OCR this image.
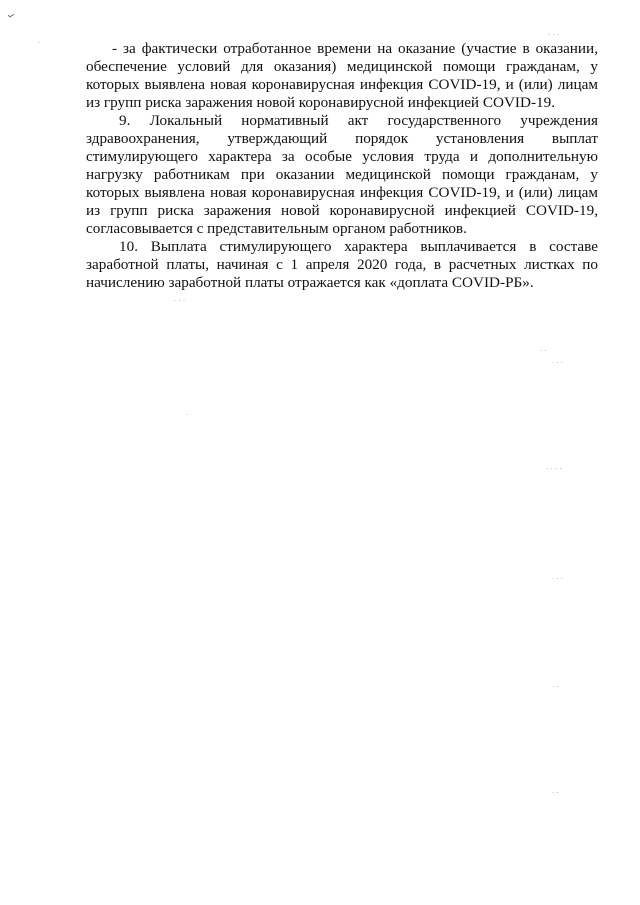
·
· · ·
. . .
· ·
· · ·
·
· · · ·
· · ·
· ·
· ·

- за фактически отработанное времени на оказание (участие в оказании, обеспечение условий для оказания) медицинской помощи гражданам, у которых выявлена новая коронавирусная инфекция COVID-19, и (или) лицам из групп риска заражения новой коронавирусной инфекцией COVID-19.

9. Локальный нормативный акт государственного учреждения здравоохранения, утверждающий порядок установления выплат стимулирующего характера за особые условия труда и дополнительную нагрузку работникам при оказании медицинской помощи гражданам, у которых выявлена новая коронавирусная инфекция COVID-19, и (или) лицам из групп риска заражения новой коронавирусной инфекцией COVID-19, согласовывается с представительным органом работников.

10. Выплата стимулирующего характера выплачивается в составе заработной платы, начиная с 1 апреля 2020 года, в расчетных листках по начислению заработной платы отражается как «доплата COVID-РБ».
